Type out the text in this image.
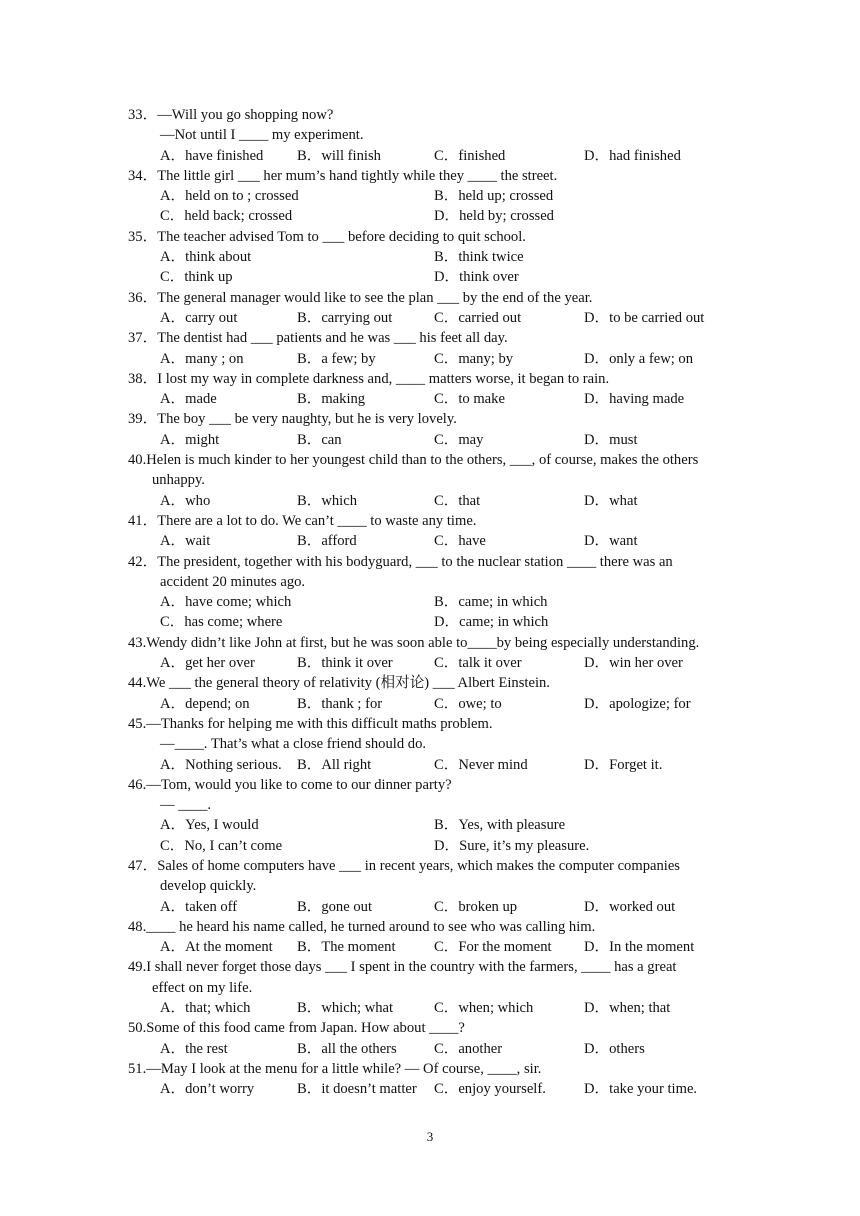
33．—Will you go shopping now?
—Not until I ____ my experiment.
A．have finished	B．will finish	C．finished	D．had finished
34．The little girl ___ her mum’s hand tightly while they ____ the street.
A．held on to ; crossed	B．held up; crossed
C．held back; crossed	D．held by; crossed
35．The teacher advised Tom to ___ before deciding to quit school.
A．think about	B．think twice
C．think up	D．think over
36．The general manager would like to see the plan ___ by the end of the year.
A．carry out	B．carrying out	C．carried out	D．to be carried out
37．The dentist had ___ patients and he was ___ his feet all day.
A．many ; on	B．a few; by	C．many; by	D．only a few; on
38．I lost my way in complete darkness and, ____ matters worse, it began to rain.
A．made	B．making	C．to make	D．having made
39．The boy ___ be very naughty, but he is very lovely.
A．might	B．can	C．may	D．must
40.Helen is much kinder to her youngest child than to the others, ___, of course, makes the others
unhappy.
A．who	B．which	C．that	D．what
41．There are a lot to do. We can’t ____ to waste any time.
A．wait	B．afford	C．have	D．want
42．The president, together with his bodyguard, ___ to the nuclear station ____ there was an
accident 20 minutes ago.
A．have come; which	B．came; in which
C．has come; where	D．came; in which
43.Wendy didn’t like John at first, but he was soon able to____by being especially understanding.
A．get her over	B．think it over	C．talk it over	D．win her over
44.We ___ the general theory of relativity (相对论) ___ Albert Einstein.
A．depend; on	B．thank ; for	C．owe; to	D．apologize; for
45.—Thanks for helping me with this difficult maths problem.
—____. That’s what a close friend should do.
A．Nothing serious.	B．All right	C．Never mind	D．Forget it.
46.—Tom, would you like to come to our dinner party?
— ____.
A．Yes, I would	B．Yes, with pleasure
C．No, I can’t come	D．Sure, it’s my pleasure.
47．Sales of home computers have ___ in recent years, which makes the computer companies
develop quickly.
A．taken off	B．gone out	C．broken up	D．worked out
48.____ he heard his name called, he turned around to see who was calling him.
A．At the moment	B．The moment	C．For the moment	D．In the moment
49.I shall never forget those days ___ I spent in the country with the farmers, ____ has a great
effect on my life.
A．that; which	B．which; what	C．when; which	D．when; that
50.Some of this food came from Japan. How about ____?
A．the rest	B．all the others	C．another	D．others
51.—May I look at the menu for a little while? — Of course, ____, sir.
A．don’t worry	B．it doesn’t matter	C．enjoy yourself.	D．take your time.
3
